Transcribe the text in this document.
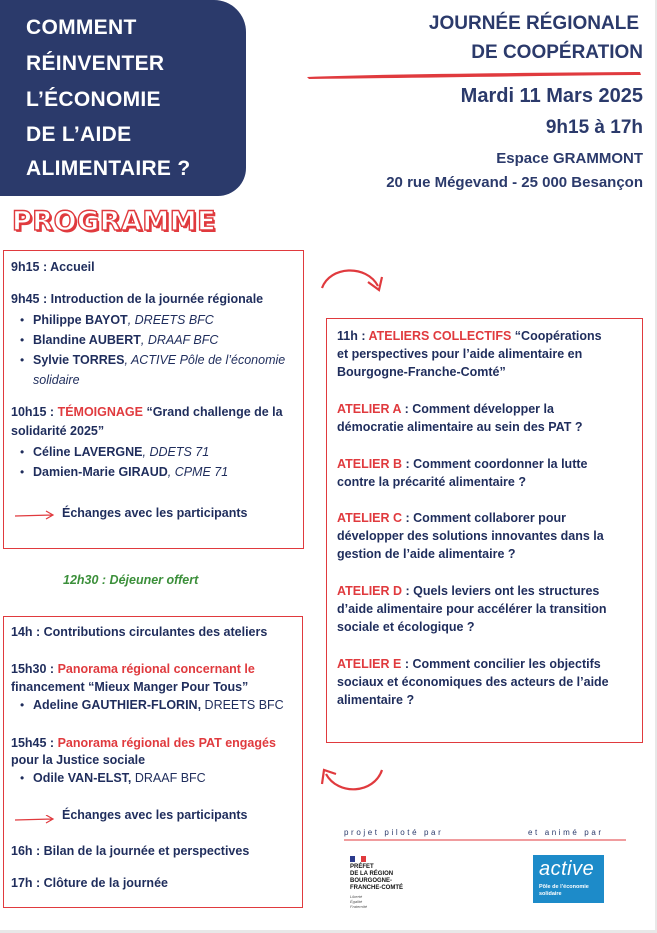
COMMENT
RÉINVENTER
L’ÉCONOMIE
DE L’AIDE
ALIMENTAIRE ?
JOURNÉE RÉGIONALE
DE COOPÉRATION
Mardi 11 Mars 2025
9h15 à 17h
Espace GRAMMONT
20 rue Mégevand - 25 000 Besançon
PROGRAMME
9h15 : Accueil
9h45 : Introduction de la journée régionale
• Philippe BAYOT, DREETS BFC
• Blandine AUBERT, DRAAF BFC
• Sylvie TORRES, ACTIVE Pôle de l’économie
solidaire
10h15 : TÉMOIGNAGE “Grand challenge de la
solidarité 2025”
• Céline LAVERGNE, DDETS 71
• Damien-Marie GIRAUD, CPME 71
Échanges avec les participants
12h30 : Déjeuner offert
14h : Contributions circulantes des ateliers
15h30 : Panorama régional concernant le
financement “Mieux Manger Pour Tous”
• Adeline GAUTHIER-FLORIN, DREETS BFC
15h45 : Panorama régional des PAT engagés
pour la Justice sociale
• Odile VAN-ELST, DRAAF BFC
Échanges avec les participants
16h : Bilan de la journée et perspectives
17h : Clôture de la journée
11h : ATELIERS COLLECTIFS “Coopérations
et perspectives pour l’aide alimentaire en
Bourgogne-Franche-Comté”
ATELIER A : Comment développer la
démocratie alimentaire au sein des PAT ?
ATELIER B : Comment coordonner la lutte
contre la précarité alimentaire ?
ATELIER C : Comment collaborer pour
développer des solutions innovantes dans la
gestion de l’aide alimentaire ?
ATELIER D : Quels leviers ont les structures
d’aide alimentaire pour accélérer la transition
sociale et écologique ?
ATELIER E : Comment concilier les objectifs
sociaux et économiques des acteurs de l’aide
alimentaire ?
projet piloté par	et animé par
PRÉFET
DE LA RÉGION
BOURGOGNE-
FRANCHE-COMTÉ
Liberté
Égalité
Fraternité
active
Pôle de l’économie
solidaire
